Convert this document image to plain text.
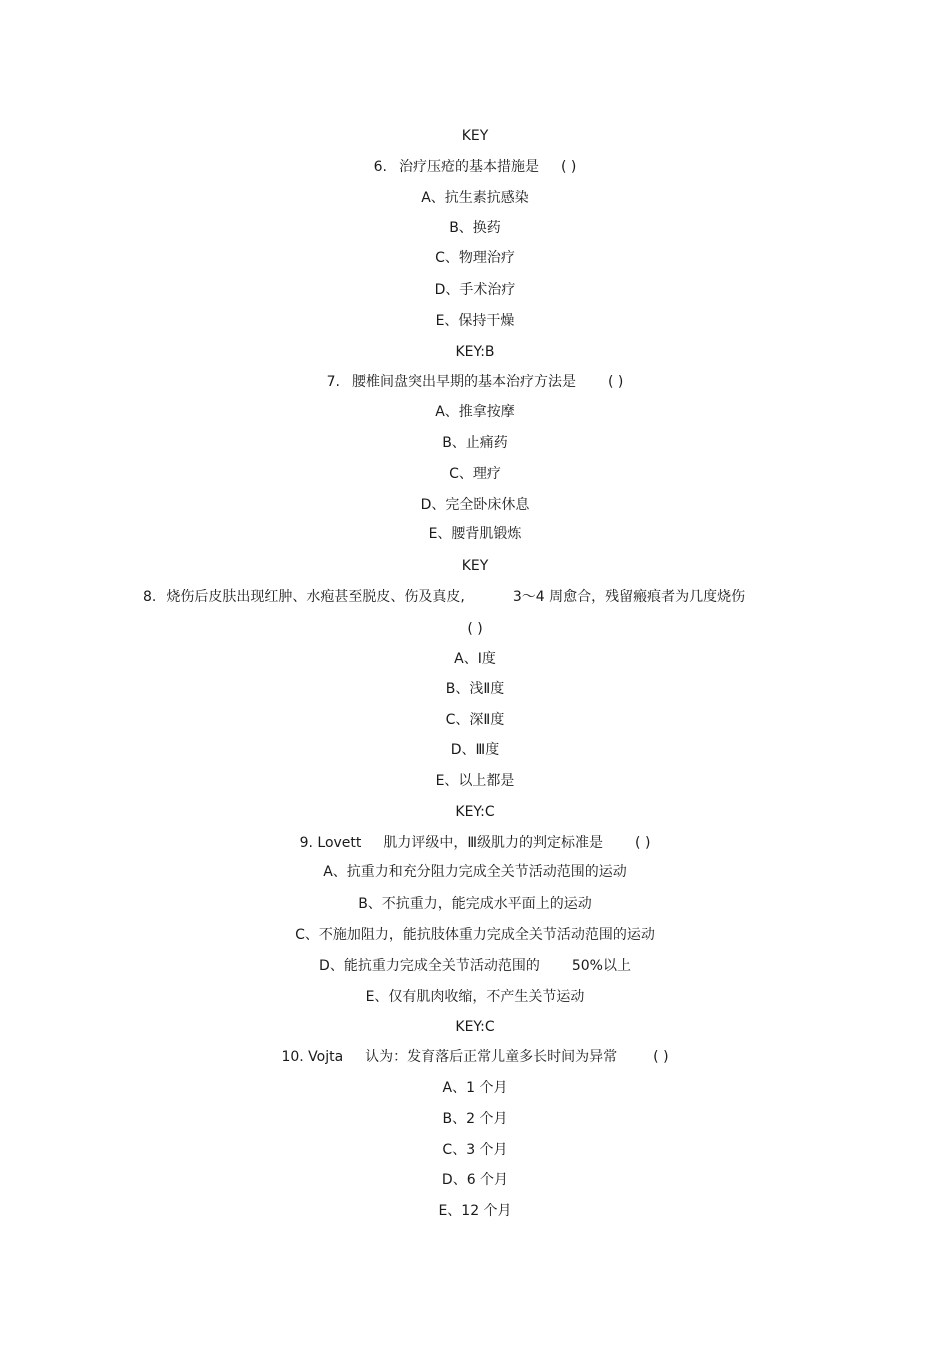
KEY
6. 治疗压疮的基本措施是 ( )
A、抗生素抗感染
B、换药
C、物理治疗
D、手术治疗
E、保持干燥
KEY:B
7. 腰椎间盘突出早期的基本治疗方法是 ( )
A、推拿按摩
B、止痛药
C、理疗
D、完全卧床休息
E、腰背肌锻炼
KEY
8. 烧伤后皮肤出现红肿、水疱甚至脱皮、伤及真皮,	3～4 周愈合，残留瘢痕者为几度烧伤
( )
A、Ⅰ度
B、浅Ⅱ度
C、深Ⅱ度
D、Ⅲ度
E、以上都是
KEY:C
9. Lovett 肌力评级中，Ⅲ级肌力的判定标准是 ( )
A、抗重力和充分阻力完成全关节活动范围的运动
B、不抗重力，能完成水平面上的运动
C、不施加阻力，能抗肢体重力完成全关节活动范围的运动
D、能抗重力完成全关节活动范围的 50%以上
E、仅有肌肉收缩，不产生关节运动
KEY:C
10. Vojta 认为：发育落后正常儿童多长时间为异常	( )
A、1 个月
B、2 个月
C、3 个月
D、6 个月
E、12 个月
